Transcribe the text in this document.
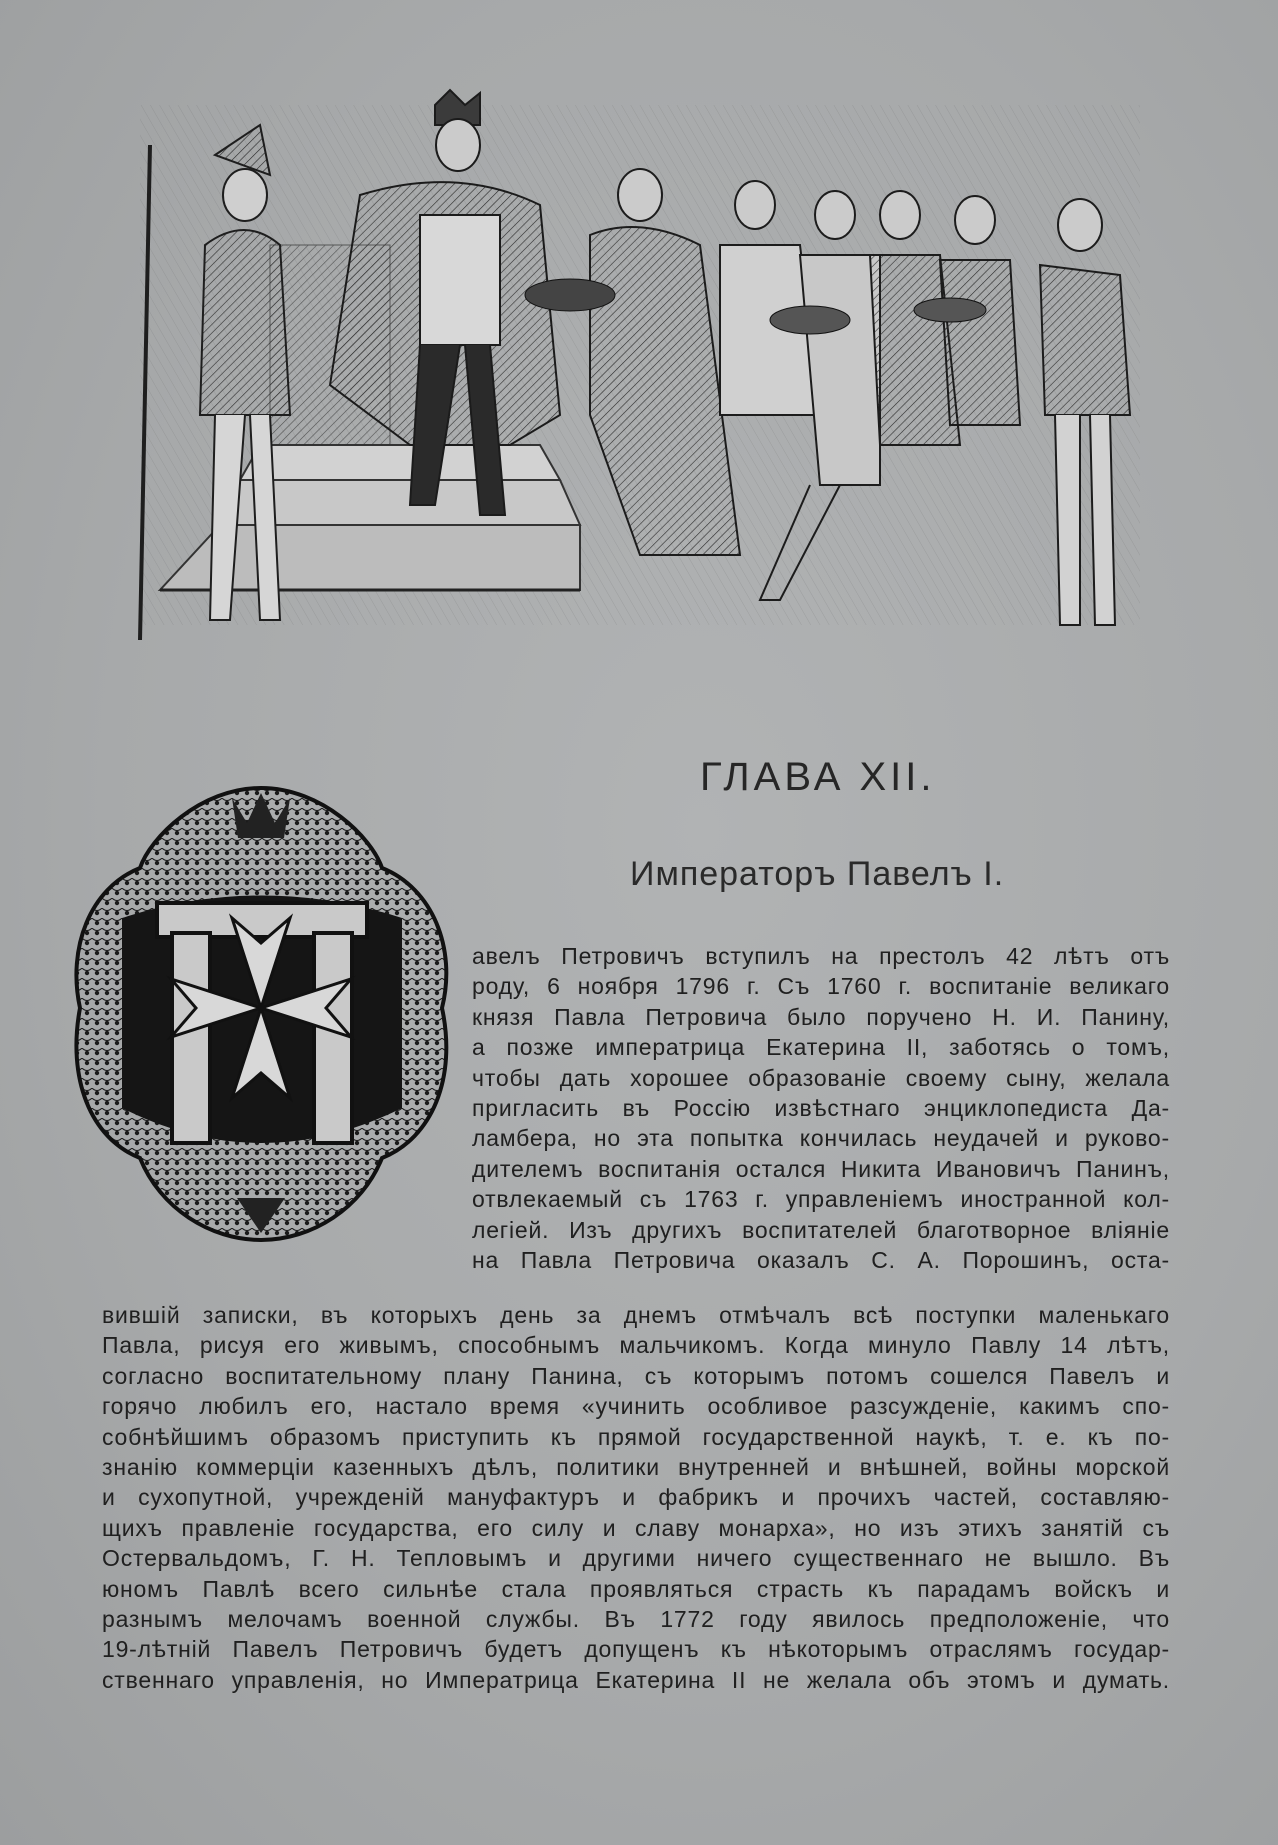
ГЛАВА XII.
Императоръ Павелъ I.
авелъ Петровичъ вступилъ на престолъ 42 лѣтъ отъ
роду, 6 ноября 1796 г. Съ 1760 г. воспитаніе великаго
князя Павла Петровича было поручено Н. И. Панину,
а позже императрица Екатерина II, заботясь о томъ,
чтобы дать хорошее образованіе своему сыну, желала
пригласить въ Россію извѣстнаго энциклопедиста Да-
ламбера, но эта попытка кончилась неудачей и руково-
дителемъ воспитанія остался Никита Ивановичъ Панинъ,
отвлекаемый съ 1763 г. управленіемъ иностранной кол-
легіей. Изъ другихъ воспитателей благотворное вліяніе
на Павла Петровича оказалъ С. А. Порошинъ, оста-
вившій записки, въ которыхъ день за днемъ отмѣчалъ всѣ поступки маленькаго
Павла, рисуя его живымъ, способнымъ мальчикомъ. Когда минуло Павлу 14 лѣтъ,
согласно воспитательному плану Панина, съ которымъ потомъ сошелся Павелъ и
горячо любилъ его, настало время «учинить особливое разсужденіе, какимъ спо-
собнѣйшимъ образомъ приступить къ прямой государственной наукѣ, т. е. къ по-
знанію коммерціи казенныхъ дѣлъ, политики внутренней и внѣшней, войны морской
и сухопутной, учрежденій мануфактуръ и фабрикъ и прочихъ частей, составляю-
щихъ правленіе государства, его силу и славу монарха», но изъ этихъ занятій съ
Остервальдомъ, Г. Н. Тепловымъ и другими ничего существеннаго не вышло. Въ
юномъ Павлѣ всего сильнѣе стала проявляться страсть къ парадамъ войскъ и
разнымъ мелочамъ военной службы. Въ 1772 году явилось предположеніе, что
19-лѣтній Павелъ Петровичъ будетъ допущенъ къ нѣкоторымъ отраслямъ государ-
ственнаго управленія, но Императрица Екатерина II не желала объ этомъ и думать.
